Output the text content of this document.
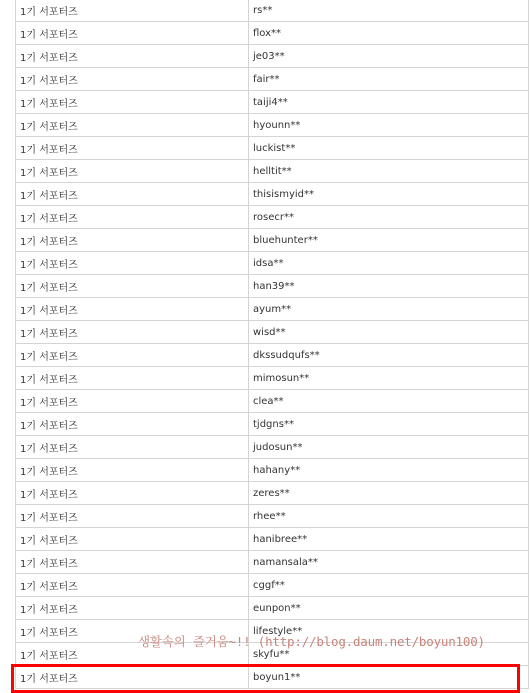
1기 서포터즈	rs**
1기 서포터즈	flox**
1기 서포터즈	je03**
1기 서포터즈	fair**
1기 서포터즈	taiji4**
1기 서포터즈	hyounn**
1기 서포터즈	luckist**
1기 서포터즈	helltit**
1기 서포터즈	thisismyid**
1기 서포터즈	rosecr**
1기 서포터즈	bluehunter**
1기 서포터즈	idsa**
1기 서포터즈	han39**
1기 서포터즈	ayum**
1기 서포터즈	wisd**
1기 서포터즈	dkssudqufs**
1기 서포터즈	mimosun**
1기 서포터즈	clea**
1기 서포터즈	tjdgns**
1기 서포터즈	judosun**
1기 서포터즈	hahany**
1기 서포터즈	zeres**
1기 서포터즈	rhee**
1기 서포터즈	hanibree**
1기 서포터즈	namansala**
1기 서포터즈	cggf**
1기 서포터즈	eunpon**
1기 서포터즈	lifestyle**
1기 서포터즈	skyfu**
1기 서포터즈	boyun1**
생활속의 즐거움~!! (http://blog.daum.net/boyun100)
